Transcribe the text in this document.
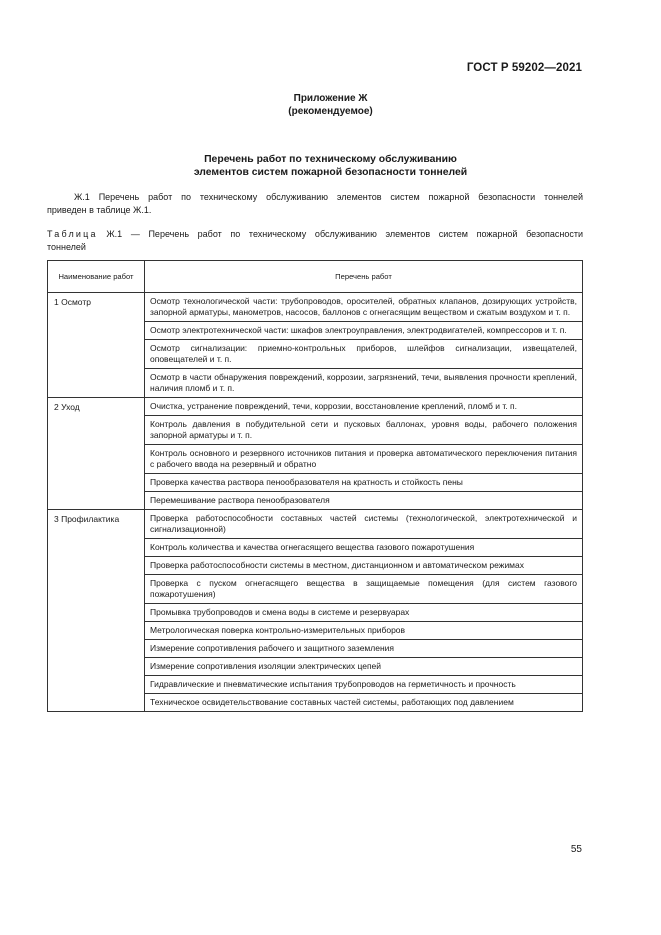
ГОСТ Р 59202—2021
Приложение Ж
(рекомендуемое)
Перечень работ по техническому обслуживанию
элементов систем пожарной безопасности тоннелей
Ж.1 Перечень работ по техническому обслуживанию элементов систем пожарной безопасности тоннелей
приведен в таблице Ж.1.
Таблица Ж.1 — Перечень работ по техническому обслуживанию элементов систем пожарной безопасности
тоннелей
Наименование работ	Перечень работ
1 Осмотр	Осмотр технологической части: трубопроводов, оросителей, обратных клапанов, дозирующих устройств, запорной арматуры, манометров, насосов, баллонов с огнегасящим веществом и сжатым воздухом и т. п.
	Осмотр электротехнической части: шкафов электроуправления, электродвигателей, компрессоров и т. п.
	Осмотр сигнализации: приемно-контрольных приборов, шлейфов сигнализации, извещателей, оповещателей и т. п.
	Осмотр в части обнаружения повреждений, коррозии, загрязнений, течи, выявления прочности креплений, наличия пломб и т. п.
2 Уход	Очистка, устранение повреждений, течи, коррозии, восстановление креплений, пломб и т. п.
	Контроль давления в побудительной сети и пусковых баллонах, уровня воды, рабочего положения запорной арматуры и т. п.
	Контроль основного и резервного источников питания и проверка автоматического переключения питания с рабочего ввода на резервный и обратно
	Проверка качества раствора пенообразователя на кратность и стойкость пены
	Перемешивание раствора пенообразователя
3 Профилактика	Проверка работоспособности составных частей системы (технологической, электротехнической и сигнализационной)
	Контроль количества и качества огнегасящего вещества газового пожаротушения
	Проверка работоспособности системы в местном, дистанционном и автоматическом режимах
	Проверка с пуском огнегасящего вещества в защищаемые помещения (для систем газового пожаротушения)
	Промывка трубопроводов и смена воды в системе и резервуарах
	Метрологическая поверка контрольно-измерительных приборов
	Измерение сопротивления рабочего и защитного заземления
	Измерение сопротивления изоляции электрических цепей
	Гидравлические и пневматические испытания трубопроводов на герметичность и прочность
	Техническое освидетельствование составных частей системы, работающих под давлением
55
